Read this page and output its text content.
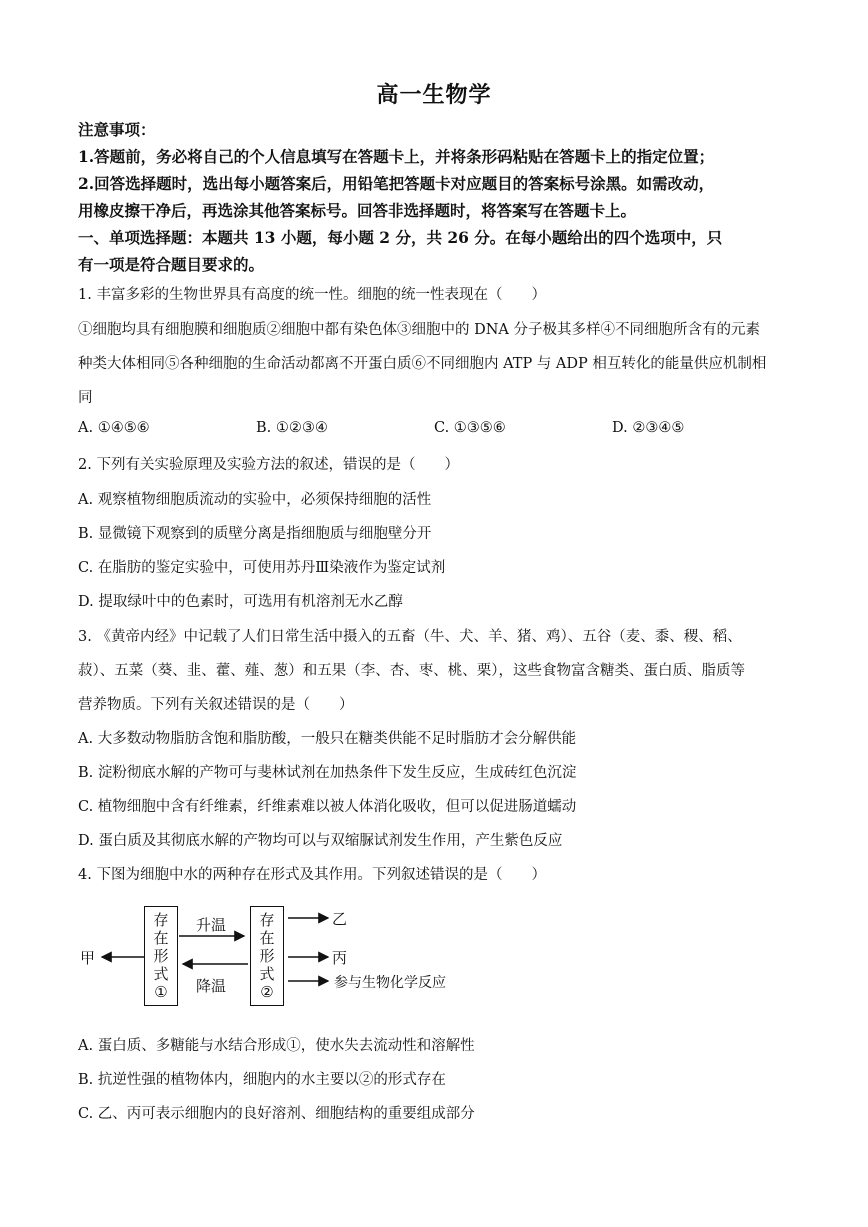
高一生物学
注意事项：
1.答题前，务必将自己的个人信息填写在答题卡上，并将条形码粘贴在答题卡上的指定位置；
2.回答选择题时，选出每小题答案后，用铅笔把答题卡对应题目的答案标号涂黑。如需改动，
用橡皮擦干净后，再选涂其他答案标号。回答非选择题时，将答案写在答题卡上。
一、单项选择题：本题共 13 小题，每小题 2 分，共 26 分。在每小题给出的四个选项中，只
有一项是符合题目要求的。
1. 丰富多彩的生物世界具有高度的统一性。细胞的统一性表现在（　　）
①细胞均具有细胞膜和细胞质②细胞中都有染色体③细胞中的 DNA 分子极其多样④不同细胞所含有的元素
种类大体相同⑤各种细胞的生命活动都离不开蛋白质⑥不同细胞内 ATP 与 ADP 相互转化的能量供应机制相
同
A. ①④⑤⑥	B. ①②③④	C. ①③⑤⑥	D. ②③④⑤
2. 下列有关实验原理及实验方法的叙述，错误的是（　　）
A. 观察植物细胞质流动的实验中，必须保持细胞的活性
B. 显微镜下观察到的质壁分离是指细胞质与细胞壁分开
C. 在脂肪的鉴定实验中，可使用苏丹Ⅲ染液作为鉴定试剂
D. 提取绿叶中的色素时，可选用有机溶剂无水乙醇
3. 《黄帝内经》中记载了人们日常生活中摄入的五畜（牛、犬、羊、猪、鸡）、五谷（麦、黍、稷、稻、
菽）、五菜（葵、韭、藿、薤、葱）和五果（李、杏、枣、桃、栗），这些食物富含糖类、蛋白质、脂质等
营养物质。下列有关叙述错误的是（　　）
A. 大多数动物脂肪含饱和脂肪酸，一般只在糖类供能不足时脂肪才会分解供能
B. 淀粉彻底水解的产物可与斐林试剂在加热条件下发生反应，生成砖红色沉淀
C. 植物细胞中含有纤维素，纤维素难以被人体消化吸收，但可以促进肠道蠕动
D. 蛋白质及其彻底水解的产物均可以与双缩脲试剂发生作用，产生紫色反应
4. 下图为细胞中水的两种存在形式及其作用。下列叙述错误的是（　　）
存
在
形
式
①
存
在
形
式
②
甲
升温
降温
乙
丙
参与生物化学反应
A. 蛋白质、多糖能与水结合形成①，使水失去流动性和溶解性
B. 抗逆性强的植物体内，细胞内的水主要以②的形式存在
C. 乙、丙可表示细胞内的良好溶剂、细胞结构的重要组成部分
